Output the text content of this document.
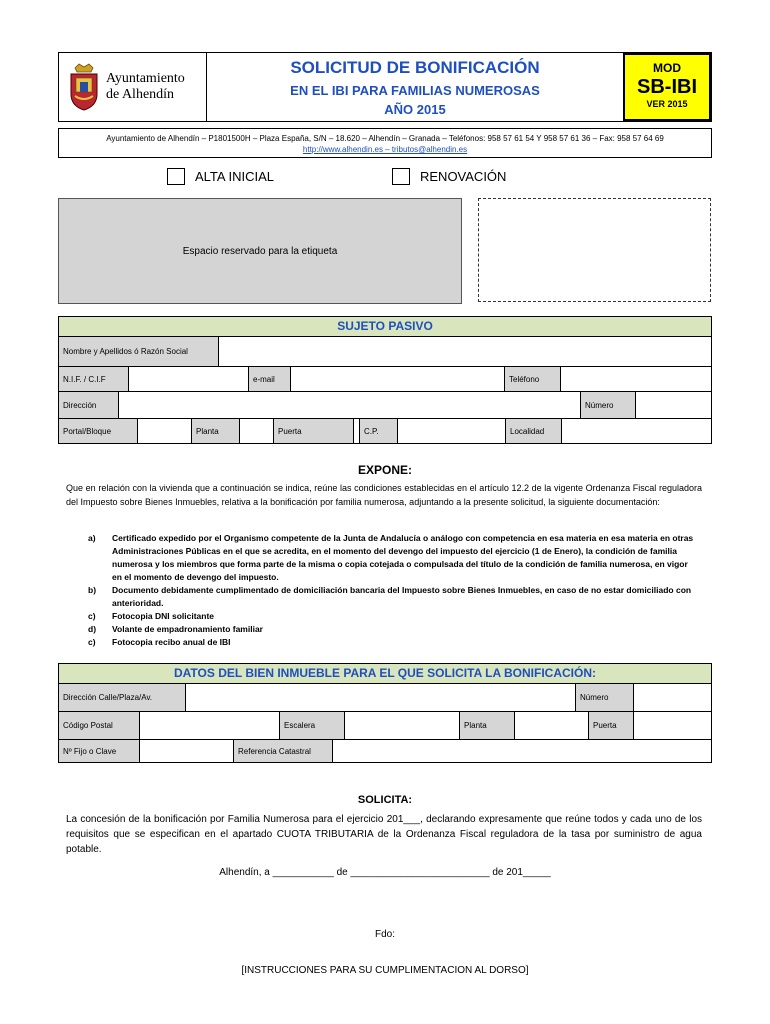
Ayuntamiento
de Alhendín
SOLICITUD DE BONIFICACIÓN
EN EL IBI PARA FAMILIAS NUMEROSAS
AÑO 2015
MOD
SB-IBI
VER 2015
Ayuntamiento de Alhendín – P1801500H – Plaza España, S/N – 18.620 – Alhendín – Granada – Teléfonos: 958 57 61 54 Y 958 57 61 36 – Fax: 958 57 64 69
http://www.alhendin.es – tributos@alhendin.es
ALTA INICIAL	RENOVACIÓN
Espacio reservado para la etiqueta
SUJETO PASIVO
Nombre y Apellidos ó Razón Social
N.I.F. / C.I.F	e-mail	Teléfono
Dirección	Número
Portal/Bloque	Planta	Puerta	C.P.	Localidad
EXPONE:
Que en relación con la vivienda que a continuación se indica, reúne las condiciones establecidas en el artículo 12.2 de la vigente Ordenanza Fiscal reguladora del Impuesto sobre Bienes Inmuebles, relativa a la bonificación por familia numerosa, adjuntando a la presente solicitud, la siguiente documentación:
a)	Certificado expedido por el Organismo competente de la Junta de Andalucía o análogo con competencia en esa materia en esa materia en otras Administraciones Públicas en el que se acredita, en el momento del devengo del impuesto del ejercicio (1 de Enero), la condición de familia numerosa y los miembros que forma parte de la misma o copia cotejada o compulsada del título de la condición de familia numerosa, en vigor en el momento de devengo del impuesto.
b)	Documento debidamente cumplimentado de domiciliación bancaria del Impuesto sobre Bienes Inmuebles, en caso de no estar domiciliado con anterioridad.
c)	Fotocopia DNI solicitante
d)	Volante de empadronamiento familiar
c)	Fotocopia recibo anual de IBI
DATOS DEL BIEN INMUEBLE PARA EL QUE SOLICITA LA BONIFICACIÓN:
Dirección Calle/Plaza/Av.	Número
Código Postal	Escalera	Planta	Puerta
Nº Fijo o Clave	Referencia Catastral
SOLICITA:
La concesión de la bonificación por Familia Numerosa para el ejercicio 201___, declarando expresamente que reúne todos y cada uno de los requisitos que se especifican en el apartado CUOTA TRIBUTARIA de la Ordenanza Fiscal reguladora de la tasa por suministro de agua potable.
Alhendín, a ___________ de _________________________ de 201_____
Fdo:
[INSTRUCCIONES PARA SU CUMPLIMENTACION AL DORSO]
